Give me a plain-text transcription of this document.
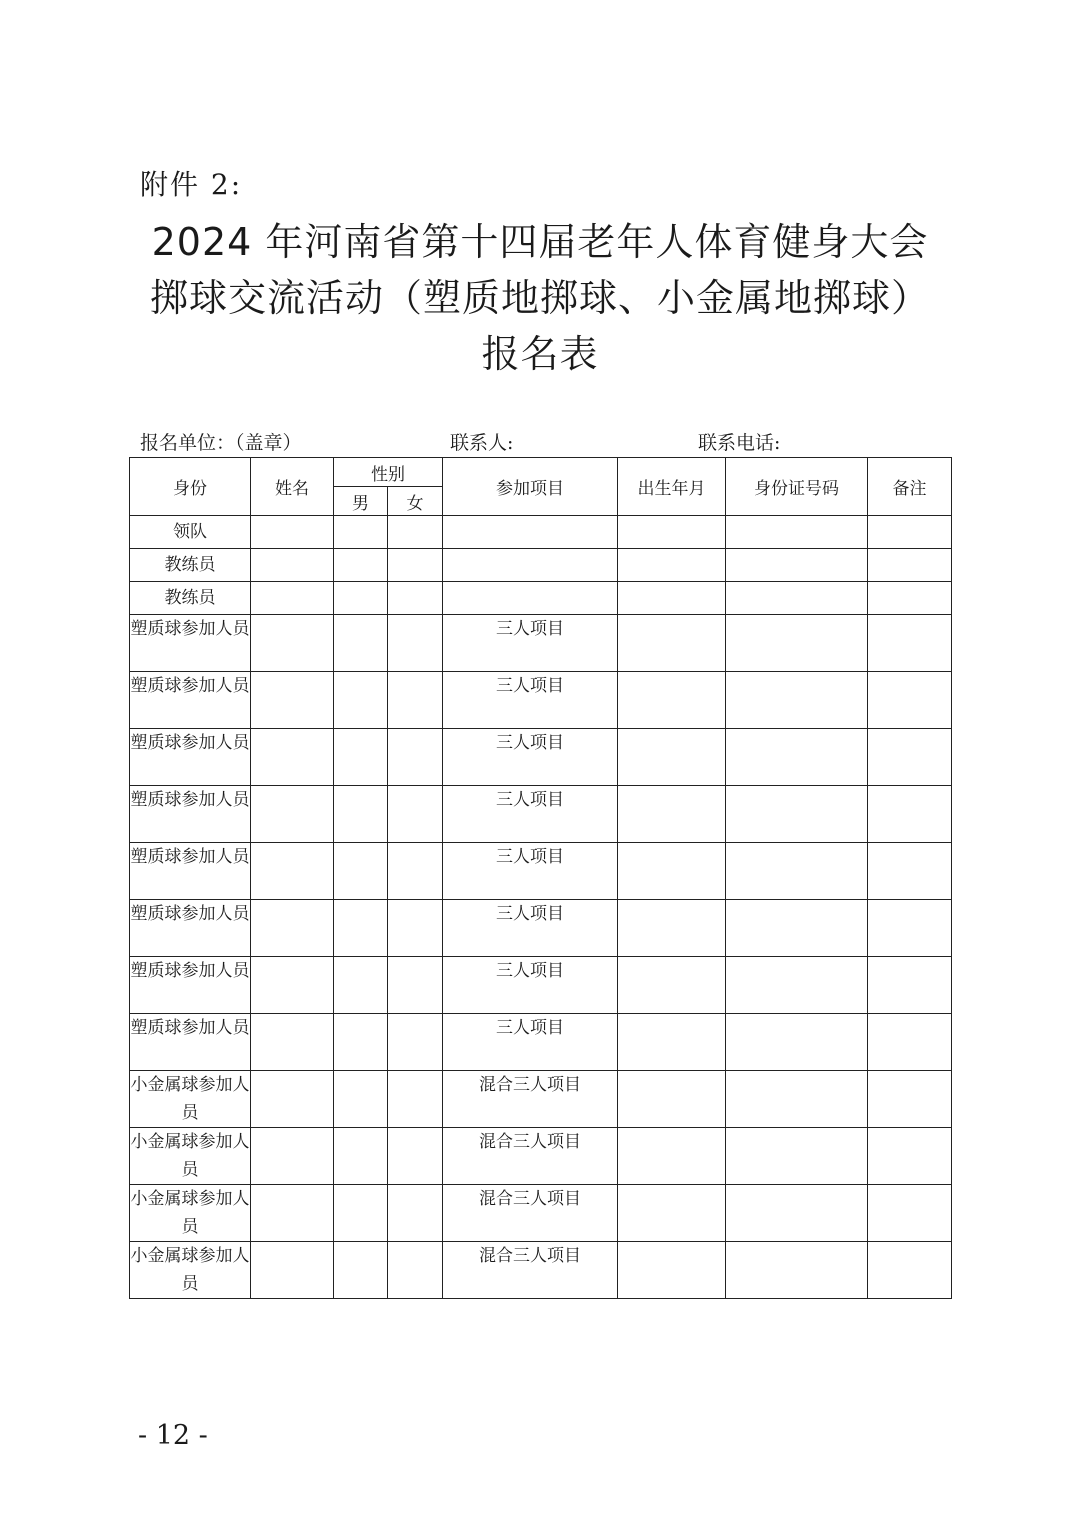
附件 2:
2024 年河南省第十四届老年人体育健身大会
掷球交流活动（塑质地掷球、小金属地掷球）
报名表
报名单位：（盖章）	联系人:	联系电话:
身份	姓名	性别		参加项目	出生年月	身份证号码	备注
		男	女				
领队							
教练员							
教练员							
塑质球参加人员				三人项目			
塑质球参加人员				三人项目			
塑质球参加人员				三人项目			
塑质球参加人员				三人项目			
塑质球参加人员				三人项目			
塑质球参加人员				三人项目			
塑质球参加人员				三人项目			
塑质球参加人员				三人项目			
小金属球参加人员				混合三人项目			
小金属球参加人员				混合三人项目			
小金属球参加人员				混合三人项目			
小金属球参加人员				混合三人项目			
- 12 -
